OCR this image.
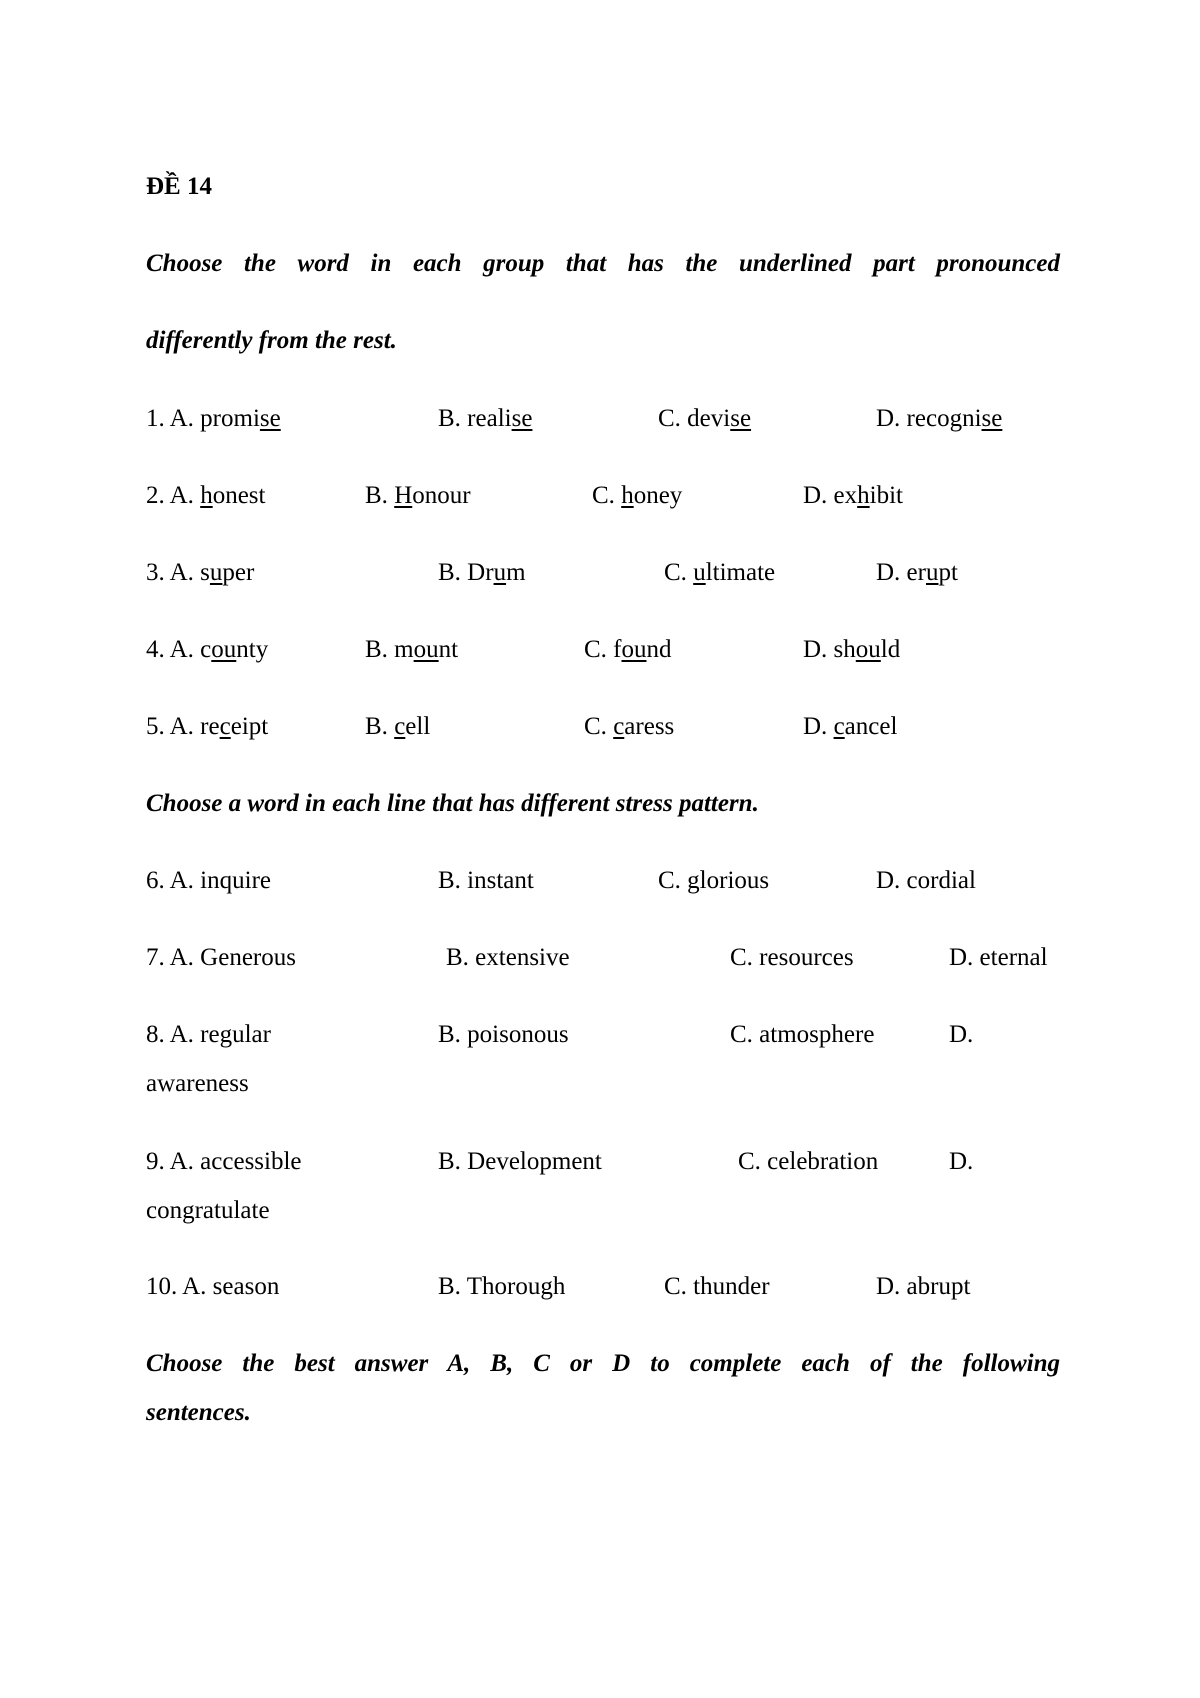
ĐỀ 14
Choose the word in each group that has the underlined part pronounced
differently from the rest.
1. A. promise	B. realise	C. devise	D. recognise
2. A. honest	B. Honour	C. honey	D. exhibit
3. A. super	B. Drum	C. ultimate	D. erupt
4. A. county	B. mount	C. found	D. should
5. A. receipt	B. cell	C. caress	D. cancel
Choose a word in each line that has different stress pattern.
6. A. inquire	B. instant	C. glorious	D. cordial
7. A. Generous	B. extensive	C. resources	D. eternal
8. A. regular	B. poisonous	C. atmosphere	D.
awareness
9. A. accessible	B. Development	C. celebration	D.
congratulate
10. A. season	B. Thorough	C. thunder	D. abrupt
Choose the best answer A, B, C or D to complete each of the following
sentences.
